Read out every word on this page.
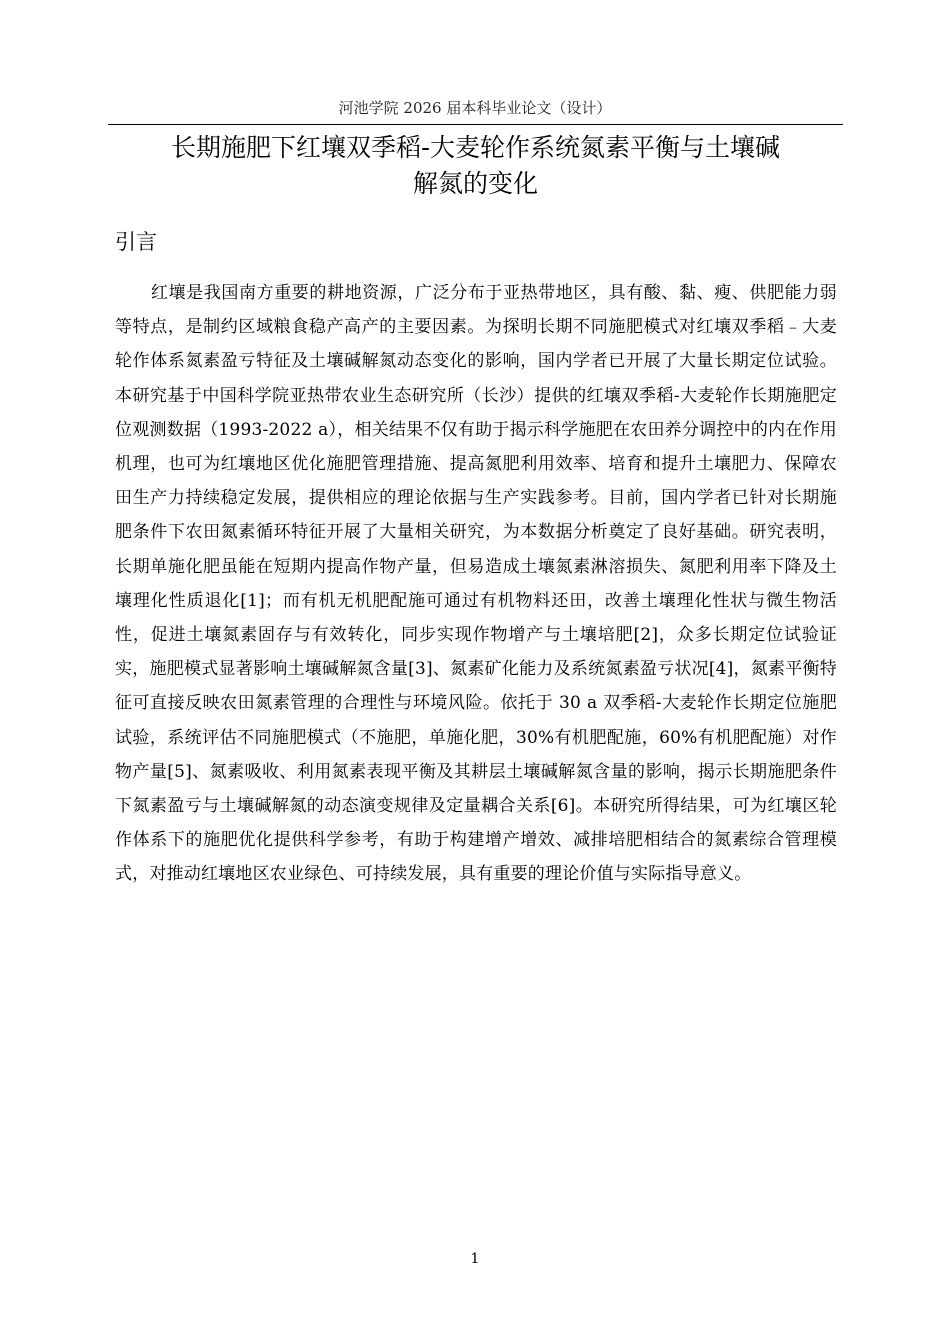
河池学院 2026 届本科毕业论文（设计）
长期施肥下红壤双季稻-大麦轮作系统氮素平衡与土壤碱
解氮的变化
引言

红壤是我国南方重要的耕地资源，广泛分布于亚热带地区，具有酸、黏、瘦、供肥能力弱等特点，是制约区域粮食稳产高产的主要因素。为探明长期不同施肥模式对红壤双季稻﹣大麦轮作体系氮素盈亏特征及土壤碱解氮动态变化的影响，国内学者已开展了大量长期定位试验。本研究基于中国科学院亚热带农业生态研究所（长沙）提供的红壤双季稻-大麦轮作长期施肥定位观测数据（1993-2022 a），相关结果不仅有助于揭示科学施肥在农田养分调控中的内在作用机理，也可为红壤地区优化施肥管理措施、提高氮肥利用效率、培育和提升土壤肥力、保障农田生产力持续稳定发展，提供相应的理论依据与生产实践参考。目前，国内学者已针对长期施肥条件下农田氮素循环特征开展了大量相关研究，为本数据分析奠定了良好基础。研究表明，长期单施化肥虽能在短期内提高作物产量，但易造成土壤氮素淋溶损失、氮肥利用率下降及土壤理化性质退化[1]；而有机无机肥配施可通过有机物料还田，改善土壤理化性状与微生物活性，促进土壤氮素固存与有效转化，同步实现作物增产与土壤培肥[2]，众多长期定位试验证实，施肥模式显著影响土壤碱解氮含量[3]、氮素矿化能力及系统氮素盈亏状况[4]，氮素平衡特征可直接反映农田氮素管理的合理性与环境风险。依托于 30 a 双季稻-大麦轮作长期定位施肥试验，系统评估不同施肥模式（不施肥，单施化肥，30%有机肥配施，60%有机肥配施）对作物产量[5]、氮素吸收、利用氮素表现平衡及其耕层土壤碱解氮含量的影响，揭示长期施肥条件下氮素盈亏与土壤碱解氮的动态演变规律及定量耦合关系[6]。本研究所得结果，可为红壤区轮作体系下的施肥优化提供科学参考，有助于构建增产增效、减排培肥相结合的氮素综合管理模式，对推动红壤地区农业绿色、可持续发展，具有重要的理论价值与实际指导意义。

1
